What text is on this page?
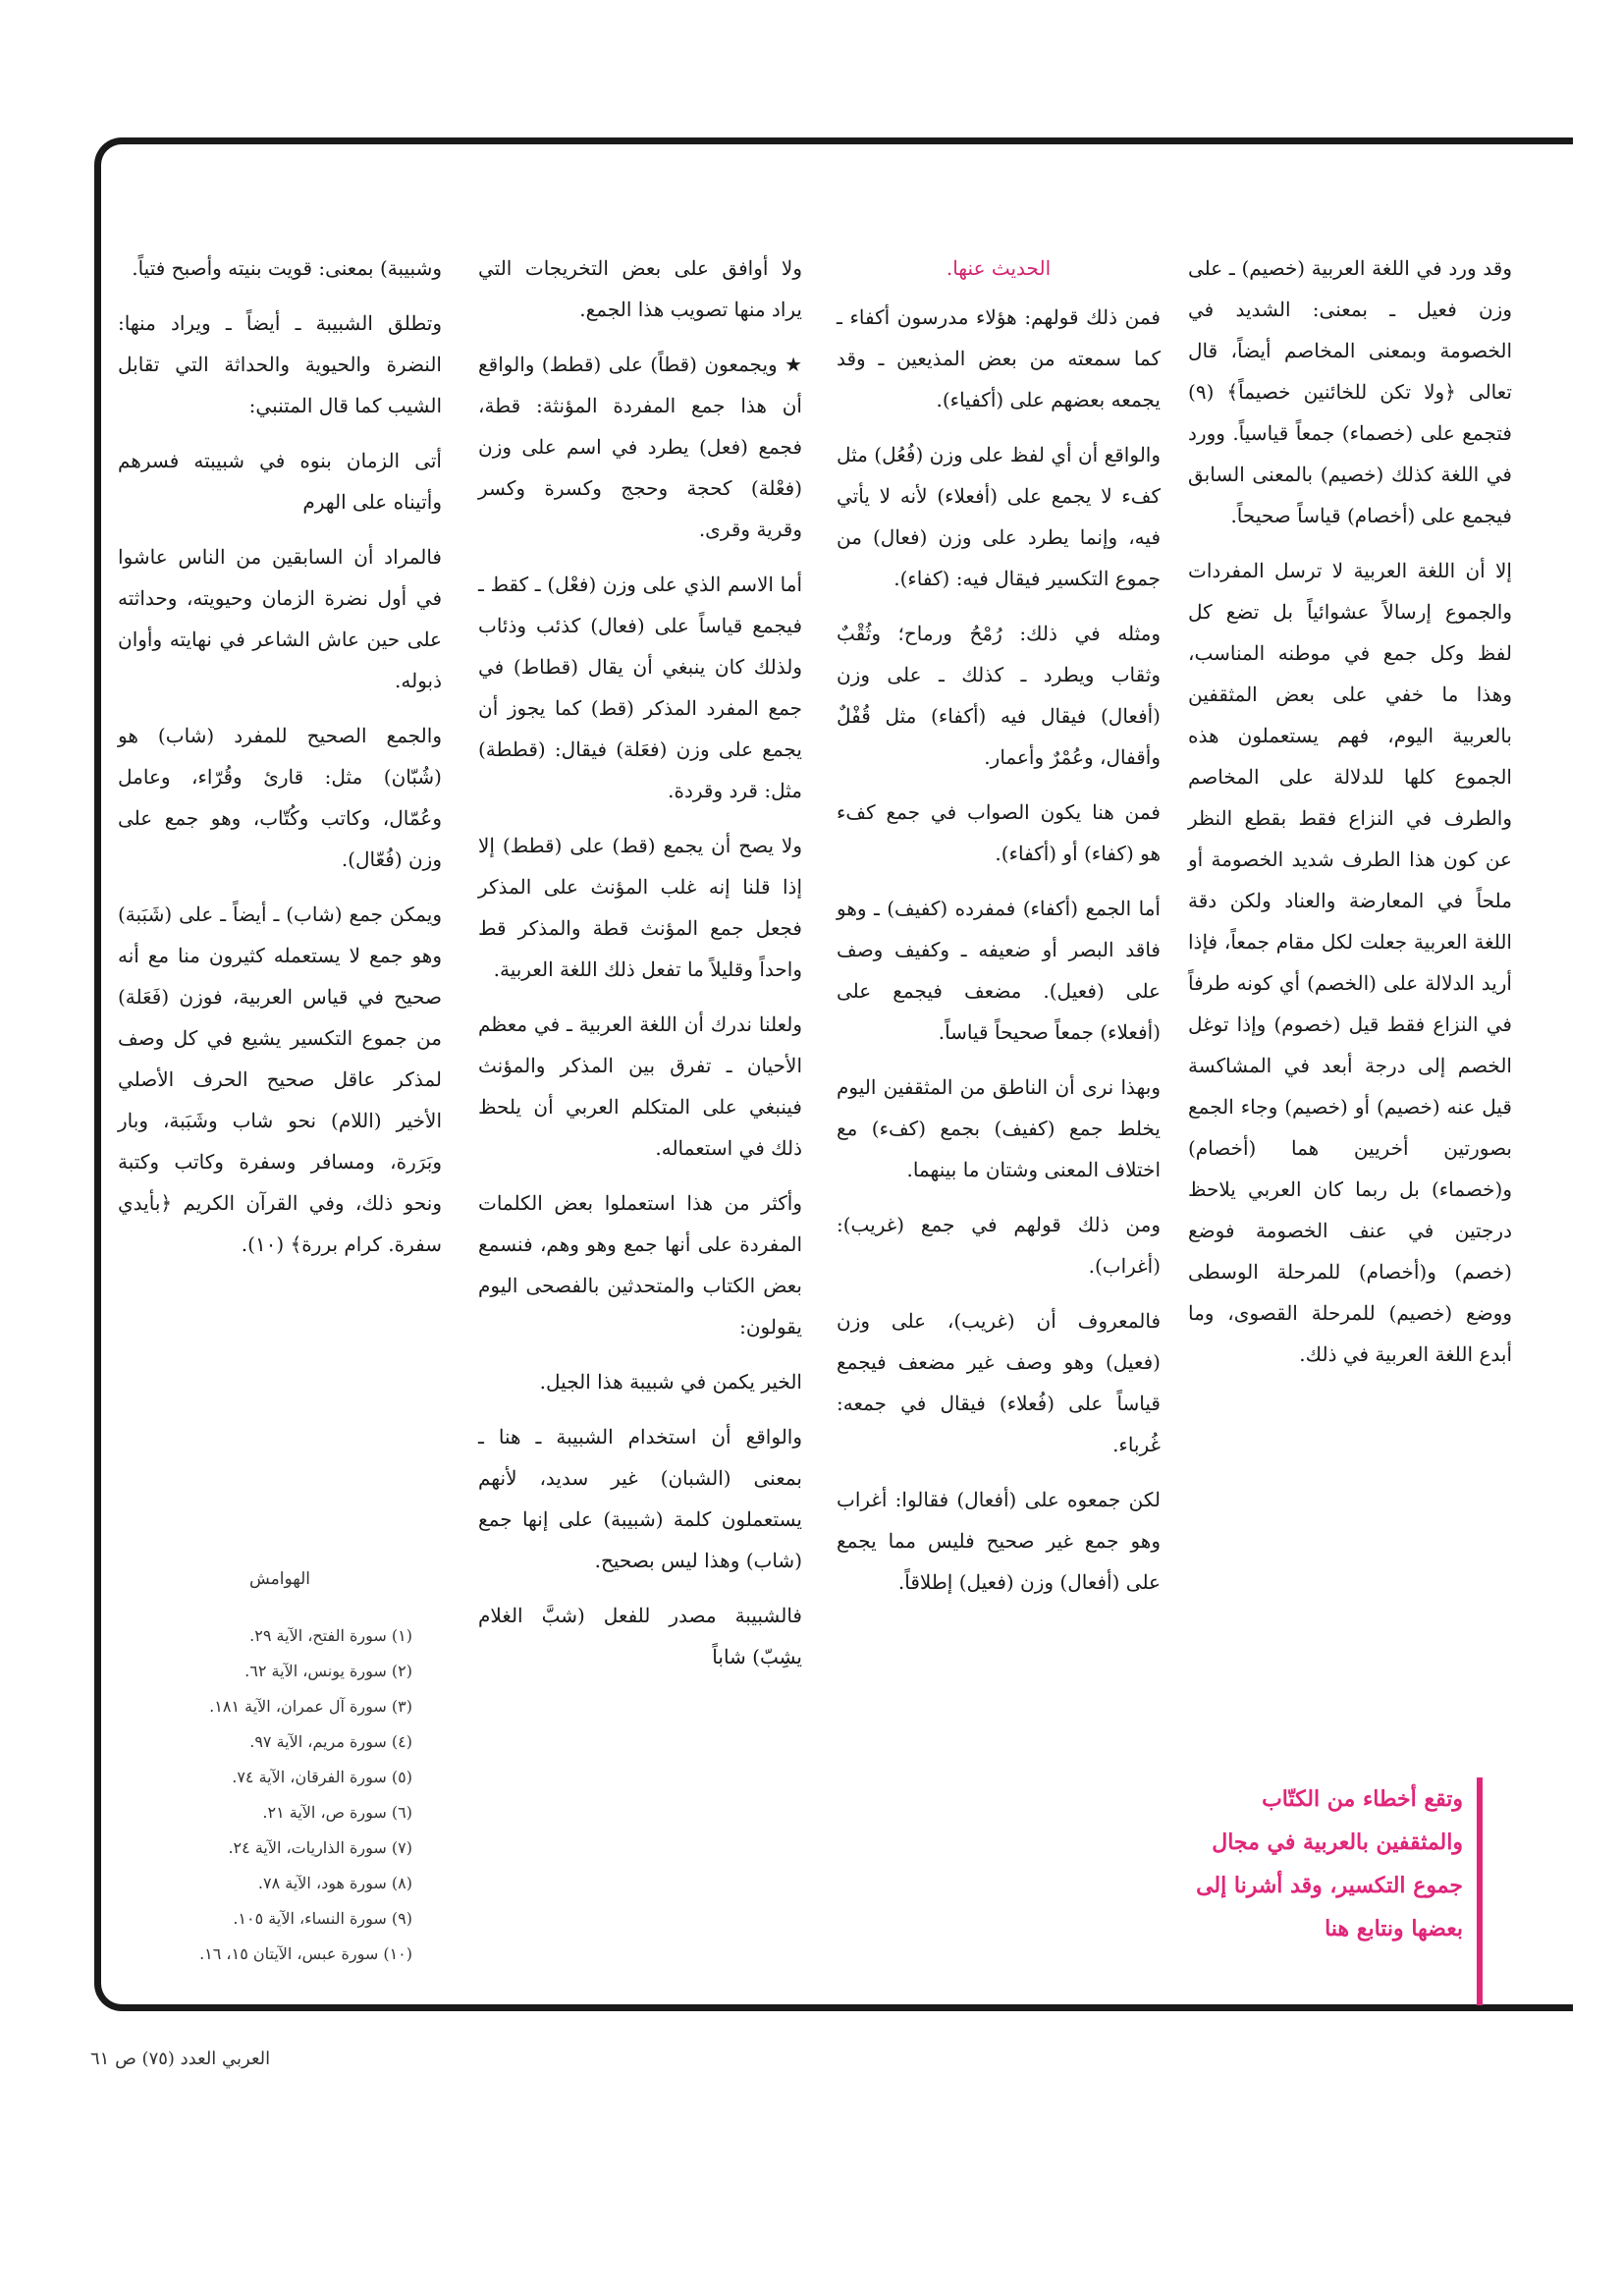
وقد ورد في اللغة العربية (خصيم) ـ على وزن فعيل ـ بمعنى: الشديد في الخصومة وبمعنى المخاصم أيضاً، قال تعالى ﴿ولا تكن للخائنين خصيماً﴾ (٩) فتجمع على (خصماء) جمعاً قياسياً. وورد في اللغة كذلك (خصيم) بالمعنى السابق فيجمع على (أخصام) قياساً صحيحاً.

إلا أن اللغة العربية لا ترسل المفردات والجموع إرسالاً عشوائياً بل تضع كل لفظ وكل جمع في موطنه المناسب، وهذا ما خفي على بعض المثقفين بالعربية اليوم، فهم يستعملون هذه الجموع كلها للدلالة على المخاصم والطرف في النزاع فقط بقطع النظر عن كون هذا الطرف شديد الخصومة أو ملحاً في المعارضة والعناد ولكن دقة اللغة العربية جعلت لكل مقام جمعاً، فإذا أريد الدلالة على (الخصم) أي كونه طرفاً في النزاع فقط قيل (خصوم) وإذا توغل الخصم إلى درجة أبعد في المشاكسة قيل عنه (خصيم) أو (خصيم) وجاء الجمع بصورتين أخريين هما (أخصام) و(خصماء) بل ربما كان العربي يلاحظ درجتين في عنف الخصومة فوضع (خصم) و(أخصام) للمرحلة الوسطى ووضع (خصيم) للمرحلة القصوى، وما أبدع اللغة العربية في ذلك.

وتقع أخطاء من الكتّاب والمثقفين بالعربية في مجال جموع التكسير، وقد أشرنا إلى بعضها ونتابع هنا

الحديث عنها.

فمن ذلك قولهم: هؤلاء مدرسون أكفاء ـ كما سمعته من بعض المذيعين ـ وقد يجمعه بعضهم على (أكفياء).

والواقع أن أي لفظ على وزن (فُعُل) مثل كفء لا يجمع على (أفعلاء) لأنه لا يأتي فيه، وإنما يطرد على وزن (فعال) من جموع التكسير فيقال فيه: (كفاء).

ومثله في ذلك: رُمْحُ ورماح؛ وثُقْبٌ وثقاب ويطرد ـ كذلك ـ على وزن (أفعال) فيقال فيه (أكفاء) مثل قُفْلٌ وأقفال، وعُمْرٌ وأعمار.

فمن هنا يكون الصواب في جمع كفء هو (كفاء) أو (أكفاء).

أما الجمع (أكفاء) فمفرده (كفيف) ـ وهو فاقد البصر أو ضعيفه ـ وكفيف وصف على (فعيل). مضعف فيجمع على (أفعلاء) جمعاً صحيحاً قياساً.

وبهذا نرى أن الناطق من المثقفين اليوم يخلط جمع (كفيف) بجمع (كفء) مع اختلاف المعنى وشتان ما بينهما.

ومن ذلك قولهم في جمع (غريب): (أغراب).

فالمعروف أن (غريب)، على وزن (فعيل) وهو وصف غير مضعف فيجمع قياساً على (فُعلاء) فيقال في جمعه: غُرباء.

لكن جمعوه على (أفعال) فقالوا: أغراب وهو جمع غير صحيح فليس مما يجمع على (أفعال) وزن (فعيل) إطلاقاً.

ولا أوافق على بعض التخريجات التي يراد منها تصويب هذا الجمع.

★ ويجمعون (قطاً) على (قطط) والواقع أن هذا جمع المفردة المؤنثة: قطة، فجمع (فعل) يطرد في اسم على وزن (فعْلة) كحجة وحجج وكسرة وكسر وقرية وقرى.

أما الاسم الذي على وزن (فعْل) ـ كقط ـ فيجمع قياساً على (فعال) كذئب وذئاب ولذلك كان ينبغي أن يقال (قطاط) في جمع المفرد المذكر (قط) كما يجوز أن يجمع على وزن (فعَلة) فيقال: (قططة) مثل: قرد وقردة.

ولا يصح أن يجمع (قط) على (قطط) إلا إذا قلنا إنه غلب المؤنث على المذكر فجعل جمع المؤنث قطة والمذكر قط واحداً وقليلاً ما تفعل ذلك اللغة العربية.

ولعلنا ندرك أن اللغة العربية ـ في معظم الأحيان ـ تفرق بين المذكر والمؤنث فينبغي على المتكلم العربي أن يلحظ ذلك في استعماله.

وأكثر من هذا استعملوا بعض الكلمات المفردة على أنها جمع وهو وهم، فنسمع بعض الكتاب والمتحدثين بالفصحى اليوم يقولون:

الخير يكمن في شبيبة هذا الجيل.

والواقع أن استخدام الشبيبة ـ هنا ـ بمعنى (الشبان) غير سديد، لأنهم يستعملون كلمة (شبيبة) على إنها جمع (شاب) وهذا ليس بصحيح.

فالشبيبة مصدر للفعل (شبَّ الغلام يشِبّ) شاباً

وشبيبة) بمعنى: قويت بنيته وأصبح فتياً.

وتطلق الشبيبة ـ أيضاً ـ ويراد منها: النضرة والحيوية والحداثة التي تقابل الشيب كما قال المتنبي:

أتى الزمان بنوه في شبيبته فسرهم وأتيناه على الهرم

فالمراد أن السابقين من الناس عاشوا في أول نضرة الزمان وحيويته، وحداثته على حين عاش الشاعر في نهايته وأوان ذبوله.

والجمع الصحيح للمفرد (شاب) هو (شُبّان) مثل: قارئ وقُرّاء، وعامل وعُمّال، وكاتب وكُتّاب، وهو جمع على وزن (فُعّال).

ويمكن جمع (شاب) ـ أيضاً ـ على (شَبَبة) وهو جمع لا يستعمله كثيرون منا مع أنه صحيح في قياس العربية، فوزن (فَعَلة) من جموع التكسير يشيع في كل وصف لمذكر عاقل صحيح الحرف الأصلي الأخير (اللام) نحو شاب وشَبَبة، وبار وبَرَرة، ومسافر وسفرة وكاتب وكتبة ونحو ذلك، وفي القرآن الكريم ﴿بأيدي سفرة. كرام بررة﴾ (١٠).

الهوامش
(١) سورة الفتح، الآية ٢٩.
(٢) سورة يونس، الآية ٦٢.
(٣) سورة آل عمران، الآية ١٨١.
(٤) سورة مريم، الآية ٩٧.
(٥) سورة الفرقان، الآية ٧٤.
(٦) سورة ص، الآية ٢١.
(٧) سورة الذاريات، الآية ٢٤.
(٨) سورة هود، الآية ٧٨.
(٩) سورة النساء، الآية ١٠٥.
(١٠) سورة عبس، الآيتان ١٥، ١٦.
العربي العدد (٧٥) ص ٦١
